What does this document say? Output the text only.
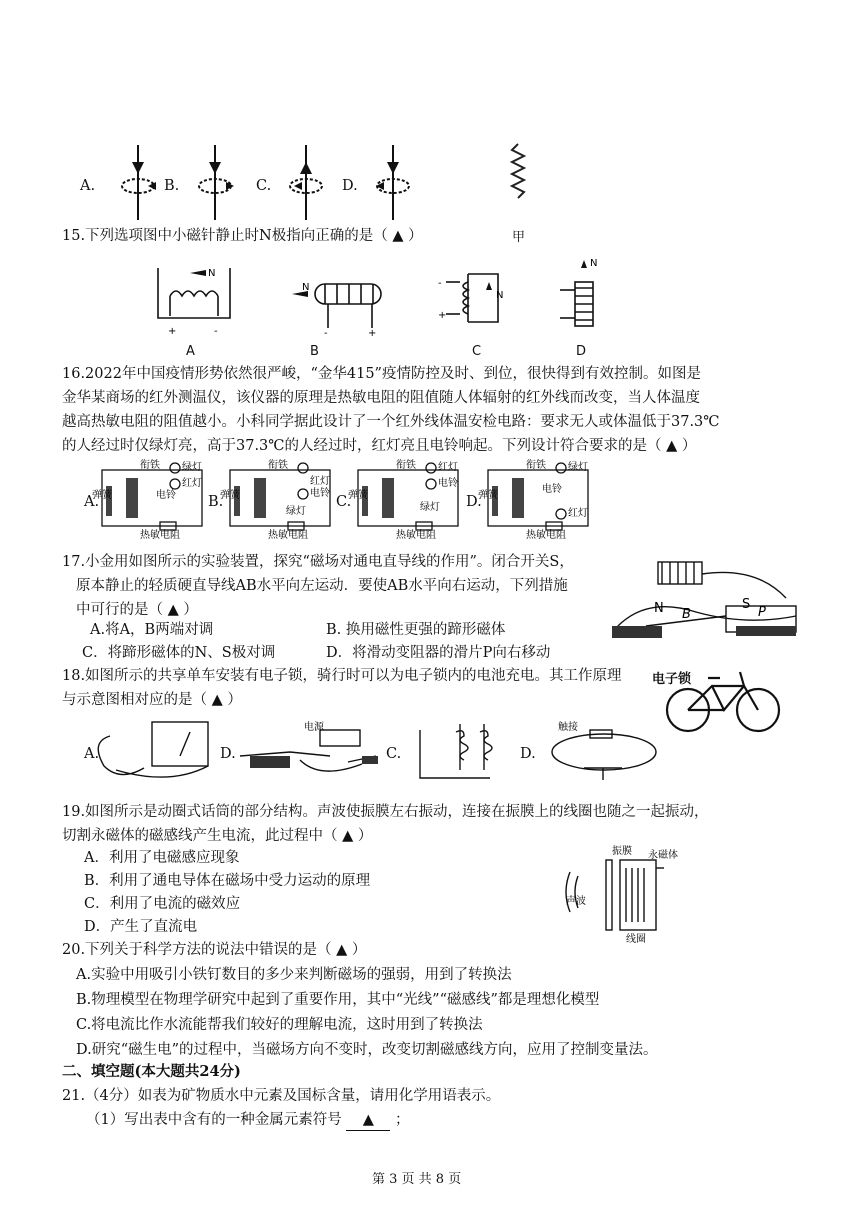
A.	B.	C.	D.
甲
15.下列选项图中小磁针静止时N极指向正确的是（ ▲ ）
N
N
N
N
+	-	-	+
-
+
A	B	C	D
16.2022年中国疫情形势依然很严峻，“金华415”疫情防控及时、到位，很快得到有效控制。如图是
金华某商场的红外测温仪，该仪器的原理是热敏电阻的阻值随人体辐射的红外线而改变，当人体温度
越高热敏电阻的阻值越小。小科同学据此设计了一个红外线体温安检电路：要求无人或体温低于37.3℃
的人经过时仅绿灯亮，高于37.3℃的人经过时，红灯亮且电铃响起。下列设计符合要求的是（ ▲ ）
衔铁	衔铁	衔铁	衔铁
绿灯
红灯
电铃
红灯
电铃
绿灯
红灯
电铃
绿灯
绿灯
电铃
红灯
弹簧	弹簧	弹簧	弹簧
热敏电阻	热敏电阻	热敏电阻	热敏电阻
A.	B.	C.	D.
17.小金用如图所示的实验装置，探究“磁场对通电直导线的作用”。闭合开关S，
原本静止的轻质硬直导线AB水平向左运动．要使AB水平向右运动，下列措施
中可行的是（ ▲ ）
A.将A，B两端对调	B. 换用磁性更强的蹄形磁体
C．将蹄形磁体的N、S极对调	D．将滑动变阻器的滑片P向右移动
N B
S
P
18.如图所示的共享单车安装有电子锁，骑行时可以为电子锁内的电池充电。其工作原理
与示意图相对应的是（ ▲ ）
电子锁
电源	触接
A.	D.	C.	D.
19.如图所示是动圈式话筒的部分结构。声波使振膜左右振动，连接在振膜上的线圈也随之一起振动，
切割永磁体的磁感线产生电流，此过程中（ ▲ ）
A．利用了电磁感应现象
B．利用了通电导体在磁场中受力运动的原理
C．利用了电流的磁效应
D．产生了直流电
振膜 永磁体
声波
线圈
20.下列关于科学方法的说法中错误的是（ ▲ ）
A.实验中用吸引小铁钉数目的多少来判断磁场的强弱，用到了转换法
B.物理模型在物理学研究中起到了重要作用，其中“光线”“磁感线”都是理想化模型
C.将电流比作水流能帮我们较好的理解电流，这时用到了转换法
D.研究“磁生电”的过程中，当磁场方向不变时，改变切割磁感线方向，应用了控制变量法。
二、填空题(本大题共24分)
21.（4分）如表为矿物质水中元素及国标含量，请用化学用语表示。
（1）写出表中含有的一种金属元素符号 ▲ ；
第 3 页 共 8 页
